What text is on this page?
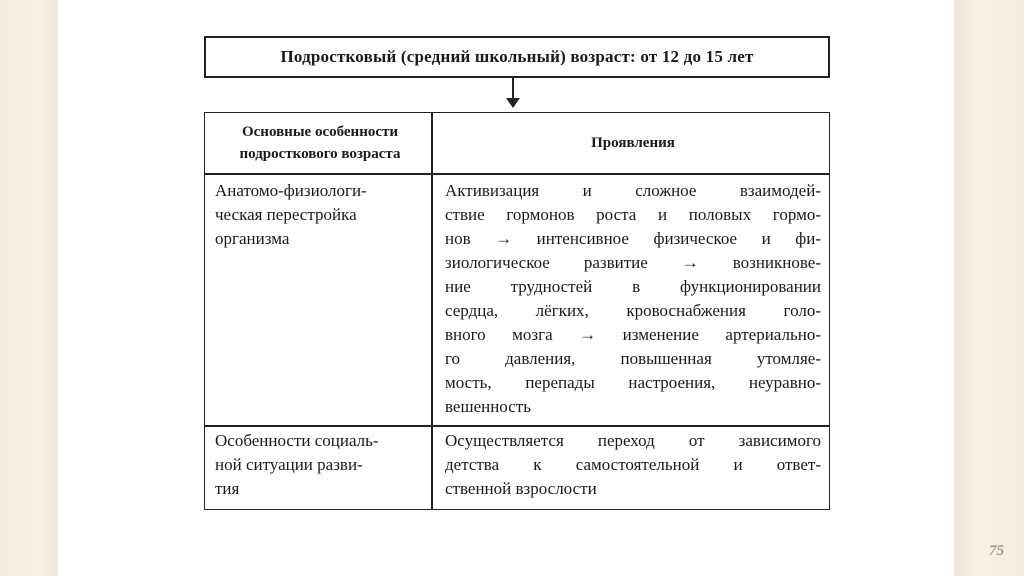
Подростковый (средний школьный) возраст: от 12 до 15 лет
Основные особенности
подросткового возраста
Проявления
Анатомо-физиологи-
ческая перестройка
организма
Активизация и сложное взаимодей-
ствие гормонов роста и половых гормо-
нов → интенсивное физическое и фи-
зиологическое развитие → возникнове-
ние трудностей в функционировании
сердца, лёгких, кровоснабжения голо-
вного мозга → изменение артериально-
го давления, повышенная утомляе-
мость, перепады настроения, неуравно-
вешенность
Особенности социаль-
ной ситуации разви-
тия
Осуществляется переход от зависимого
детства к самостоятельной и ответ-
ственной взрослости
75
